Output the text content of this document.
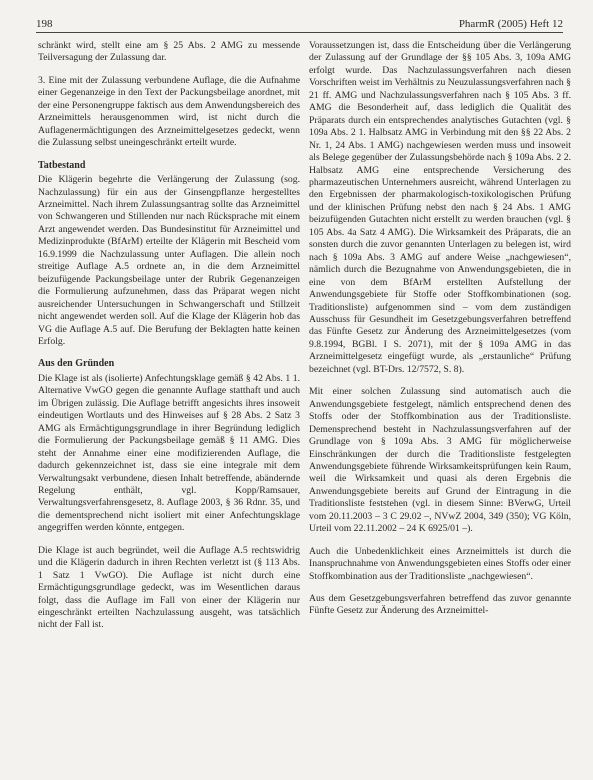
198	PharmR (2005) Heft 12

schränkt wird, stellt eine am § 25 Abs. 2 AMG zu messende Teilversagung der Zulassung dar.

3. Eine mit der Zulassung verbundene Auflage, die die Aufnahme einer Gegenanzeige in den Text der Packungsbeilage anordnet, mit der eine Personengruppe faktisch aus dem Anwendungsbereich des Arzneimittels herausgenommen wird, ist nicht durch die Auflagenermächtigungen des Arzneimittelgesetzes gedeckt, wenn die Zulassung selbst uneingeschränkt erteilt wurde.

Tatbestand

Die Klägerin begehrte die Verlängerung der Zulassung (sog. Nachzulassung) für ein aus der Ginsengpflanze hergestelltes Arzneimittel. Nach ihrem Zulassungsantrag sollte das Arzneimittel von Schwangeren und Stillenden nur nach Rücksprache mit einem Arzt angewendet werden. Das Bundesinstitut für Arzneimittel und Medizinprodukte (BfArM) erteilte der Klägerin mit Bescheid vom 16.9.1999 die Nachzulassung unter Auflagen. Die allein noch streitige Auflage A.5 ordnete an, in die dem Arzneimittel beizufügende Packungsbeilage unter der Rubrik Gegenanzeigen die Formulierung aufzunehmen, dass das Präparat wegen nicht ausreichender Untersuchungen in Schwangerschaft und Stillzeit nicht angewendet werden soll. Auf die Klage der Klägerin hob das VG die Auflage A.5 auf. Die Berufung der Beklagten hatte keinen Erfolg.

Aus den Gründen

Die Klage ist als (isolierte) Anfechtungsklage gemäß § 42 Abs. 1 1. Alternative VwGO gegen die genannte Auflage statthaft und auch im Übrigen zulässig. Die Auflage betrifft angesichts ihres insoweit eindeutigen Wortlauts und des Hinweises auf § 28 Abs. 2 Satz 3 AMG als Ermächtigungsgrundlage in ihrer Begründung lediglich die Formulierung der Packungsbeilage gemäß § 11 AMG. Dies steht der Annahme einer eine modifizierenden Auflage, die dadurch gekennzeichnet ist, dass sie eine integrale mit dem Verwaltungsakt verbundene, diesen Inhalt betreffende, abändernde Regelung enthält, vgl. Kopp/Ramsauer, Verwaltungsverfahrensgesetz, 8. Auflage 2003, § 36 Rdnr. 35, und die dementsprechend nicht isoliert mit einer Anfechtungsklage angegriffen werden könnte, entgegen.

Die Klage ist auch begründet, weil die Auflage A.5 rechtswidrig und die Klägerin dadurch in ihren Rechten verletzt ist (§ 113 Abs. 1 Satz 1 VwGO). Die Auflage ist nicht durch eine Ermächtigungsgrundlage gedeckt, was im Wesentlichen daraus folgt, dass die Auflage im Fall von einer der Klägerin nur eingeschränkt erteilten Nachzulassung ausgeht, was tatsächlich nicht der Fall ist.

Voraussetzungen ist, dass die Entscheidung über die Verlängerung der Zulassung auf der Grundlage der §§ 105 Abs. 3, 109a AMG erfolgt wurde. Das Nachzulassungsverfahren nach diesen Vorschriften weist im Verhältnis zu Neuzulassungsverfahren nach § 21 ff. AMG und Nachzulassungsverfahren nach § 105 Abs. 3 ff. AMG die Besonderheit auf, dass lediglich die Qualität des Präparats durch ein entsprechendes analytisches Gutachten (vgl. § 109a Abs. 2 1. Halbsatz AMG in Verbindung mit den §§ 22 Abs. 2 Nr. 1, 24 Abs. 1 AMG) nachgewiesen werden muss und insoweit als Belege gegenüber der Zulassungsbehörde nach § 109a Abs. 2 2. Halbsatz AMG eine entsprechende Versicherung des pharmazeutischen Unternehmers ausreicht, während Unterlagen zu den Ergebnissen der pharmakologisch-toxikologischen Prüfung und der klinischen Prüfung nebst den nach § 24 Abs. 1 AMG beizufügenden Gutachten nicht erstellt zu werden brauchen (vgl. § 105 Abs. 4a Satz 4 AMG). Die Wirksamkeit des Präparats, die an sonsten durch die zuvor genannten Unterlagen zu belegen ist, wird nach § 109a Abs. 3 AMG auf andere Weise „nachgewiesen“, nämlich durch die Bezugnahme von Anwendungsgebieten, die in eine von dem BfArM erstellten Aufstellung der Anwendungsgebiete für Stoffe oder Stoffkombinationen (sog. Traditionsliste) aufgenommen sind – vom dem zuständigen Ausschuss für Gesundheit im Gesetzgebungsverfahren betreffend das Fünfte Gesetz zur Änderung des Arzneimittelgesetzes (vom 9.8.1994, BGBl. I S. 2071), mit der § 109a AMG in das Arzneimittelgesetz eingefügt wurde, als „erstaunliche“ Prüfung bezeichnet (vgl. BT-Drs. 12/7572, S. 8).

Mit einer solchen Zulassung sind automatisch auch die Anwendungsgebiete festgelegt, nämlich entsprechend denen des Stoffs oder der Stoffkombination aus der Traditionsliste. Demensprechend besteht in Nachzulassungsverfahren auf der Grundlage von § 109a Abs. 3 AMG für möglicherweise Einschränkungen der durch die Traditionsliste festgelegten Anwendungsgebiete führende Wirksamkeitsprüfungen kein Raum, weil die Wirksamkeit und quasi als deren Ergebnis die Anwendungsgebiete bereits auf Grund der Eintragung in die Traditionsliste feststehen (vgl. in diesem Sinne: BVerwG, Urteil vom 20.11.2003 – 3 C 29.02 –, NVwZ 2004, 349 (350); VG Köln, Urteil vom 22.11.2002 – 24 K 6925/01 –).

Auch die Unbedenklichkeit eines Arzneimittels ist durch die Inanspruchnahme von Anwendungsgebieten eines Stoffs oder einer Stoffkombination aus der Traditionsliste „nachgewiesen“.

Aus dem Gesetzgebungsverfahren betreffend das zuvor genannte Fünfte Gesetz zur Änderung des Arzneimittel-
